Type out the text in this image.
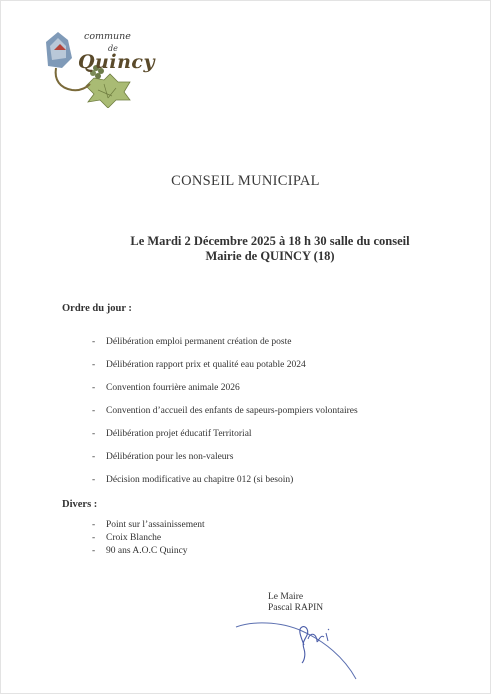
commune
de
Quincy
CONSEIL MUNICIPAL
Le Mardi 2 Décembre 2025 à 18 h 30 salle du conseil
Mairie de QUINCY (18)
Ordre du jour :
- Délibération emploi permanent création de poste
- Délibération rapport prix et qualité eau potable 2024
- Convention fourrière animale 2026
- Convention d’accueil des enfants de sapeurs-pompiers volontaires
- Délibération projet éducatif Territorial
- Délibération pour les non-valeurs
- Décision modificative au chapitre 012 (si besoin)
Divers :
- Point sur l’assainissement
- Croix Blanche
- 90 ans A.O.C Quincy
Le Maire
Pascal RAPIN
